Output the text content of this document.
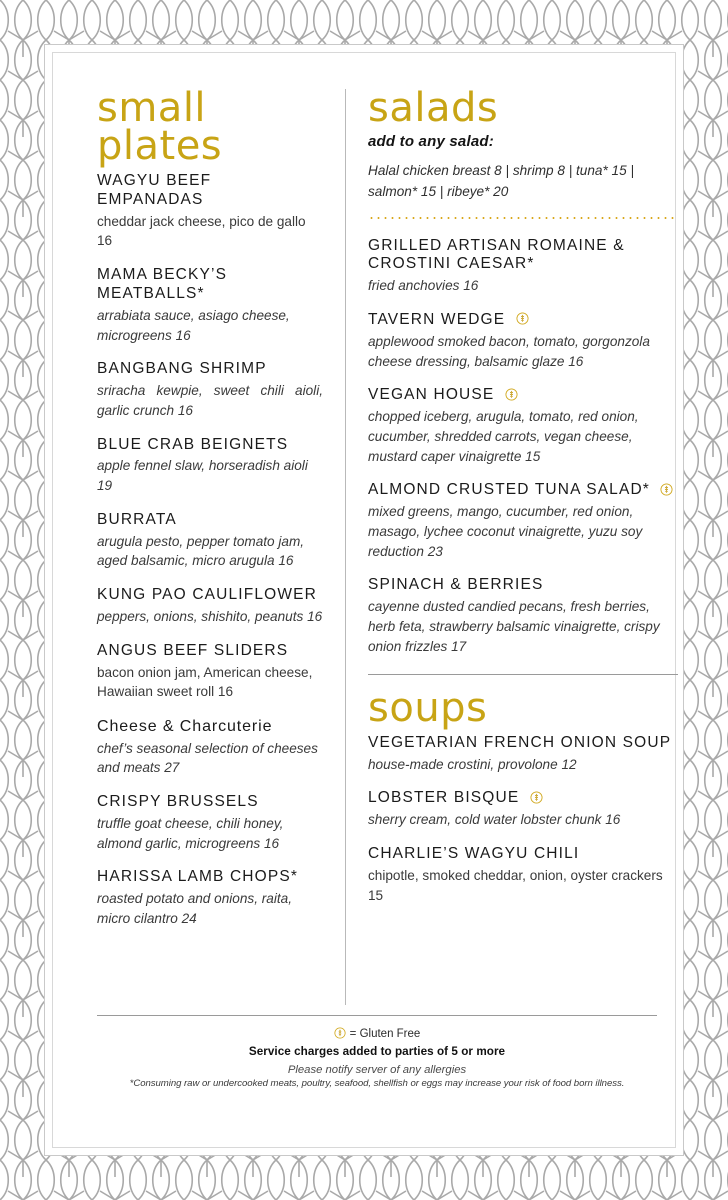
small
plates
WAGYU BEEF EMPANADAS
cheddar jack cheese, pico de gallo 16
MAMA BECKY’S MEATBALLS*
arrabiata sauce, asiago cheese, microgreens 16
BANGBANG SHRIMP
sriracha kewpie, sweet chili aioli, garlic crunch 16
BLUE CRAB BEIGNETS
apple fennel slaw, horseradish aioli 19
BURRATA
arugula pesto, pepper tomato jam, aged balsamic, micro arugula 16
KUNG PAO CAULIFLOWER
peppers, onions, shishito, peanuts 16
ANGUS BEEF SLIDERS
bacon onion jam, American cheese, Hawaiian sweet roll 16
Cheese & Charcuterie
chef’s seasonal selection of cheeses and meats 27
CRISPY BRUSSELS
truffle goat cheese, chili honey, almond garlic, microgreens 16
HARISSA LAMB CHOPS*
roasted potato and onions, raita, micro cilantro 24
salads

add to any salad:

Halal chicken breast 8 | shrimp 8 | tuna* 15 | salmon* 15 | ribeye* 20

GRILLED ARTISAN ROMAINE & CROSTINI CAESAR*
fried anchovies 16
TAVERN WEDGE
applewood smoked bacon, tomato, gorgonzola cheese dressing, balsamic glaze 16
VEGAN HOUSE
chopped iceberg, arugula, tomato, red onion, cucumber, shredded carrots, vegan cheese, mustard caper vinaigrette 15
ALMOND CRUSTED TUNA SALAD*
mixed greens, mango, cucumber, red onion, masago, lychee coconut vinaigrette, yuzu soy reduction 23
SPINACH & BERRIES
cayenne dusted candied pecans, fresh berries, herb feta, strawberry balsamic vinaigrette, crispy onion frizzles 17
soups
VEGETARIAN FRENCH ONION SOUP
house-made crostini, provolone 12
LOBSTER BISQUE
sherry cream, cold water lobster chunk 16
CHARLIE’S WAGYU CHILI
chipotle, smoked cheddar, onion, oyster crackers 15

= Gluten Free

Service charges added to parties of 5 or more

Please notify server of any allergies

*Consuming raw or undercooked meats, poultry, seafood, shellfish or eggs may increase your risk of food born illness.
